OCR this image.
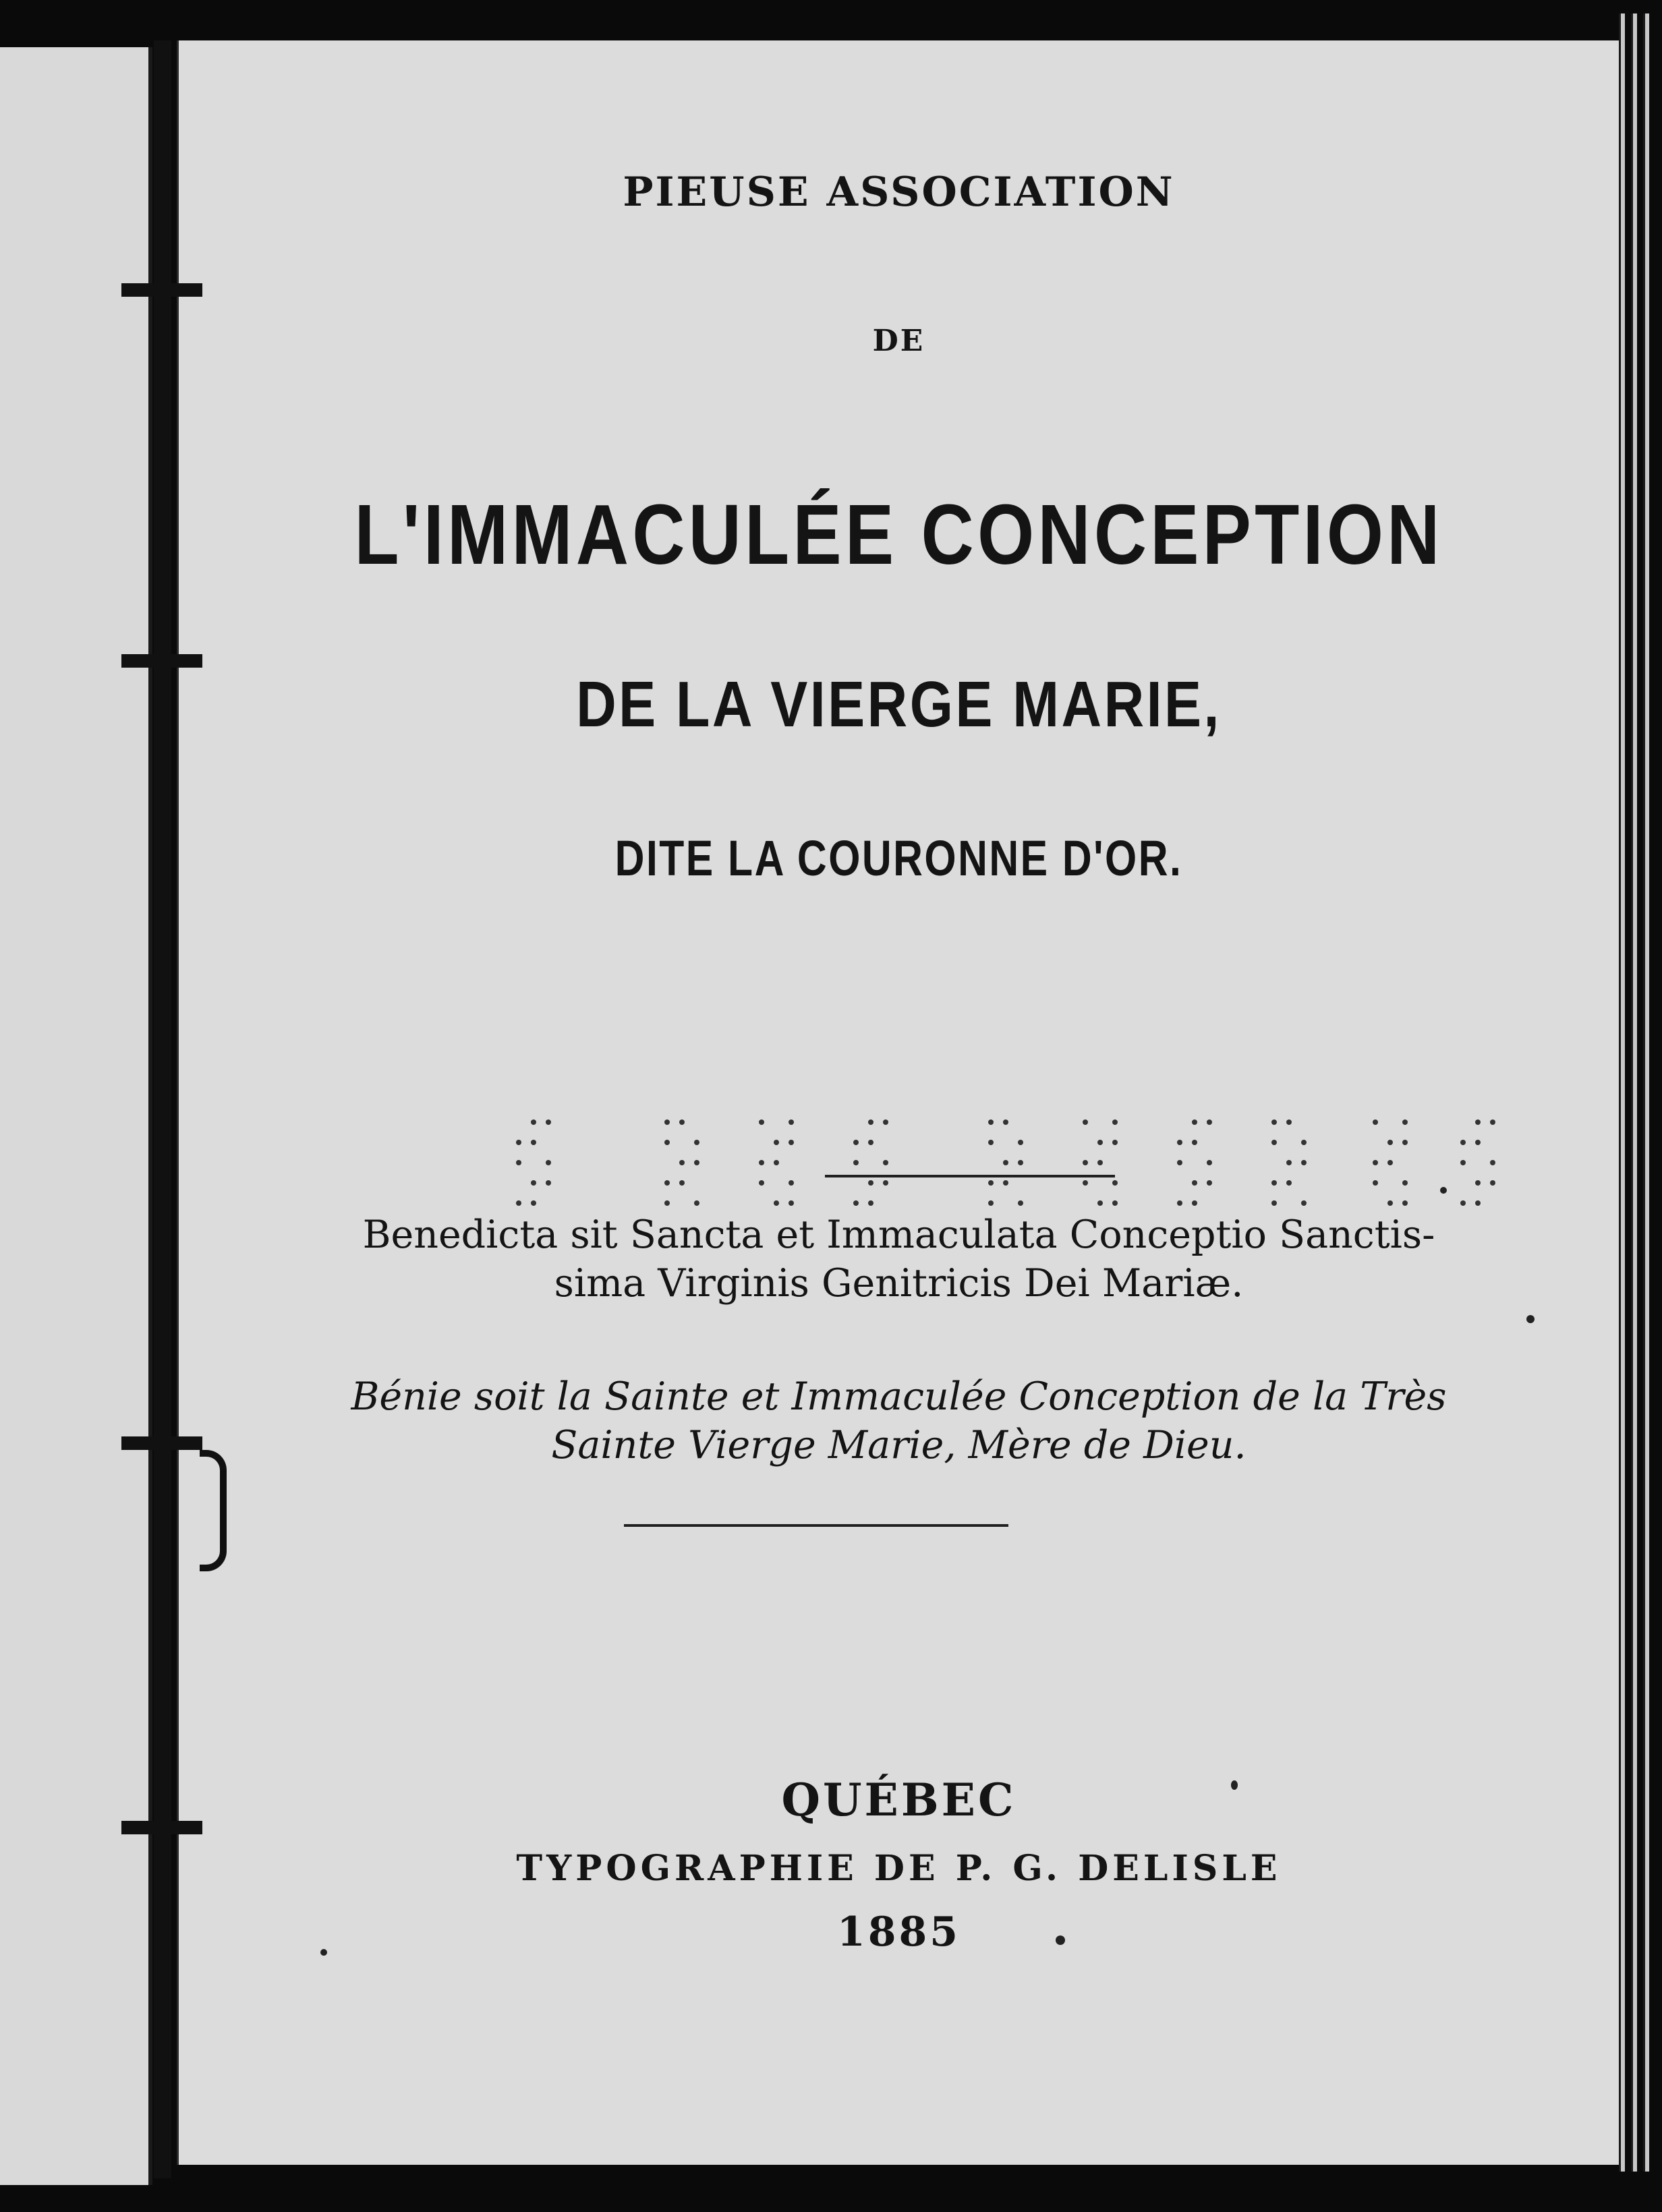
PIEUSE ASSOCIATION
DE
L'IMMACULÉE CONCEPTION
DE LA VIERGE MARIE,
DITE LA COURONNE D'OR.
Benedicta sit Sancta et Immaculata Conceptio Sanctis-
sima Virginis Genitricis Dei Mariæ.
Bénie soit la Sainte et Immaculée Conception de la Très
Sainte Vierge Marie, Mère de Dieu.
QUÉBEC
TYPOGRAPHIE DE P. G. DELISLE
1885
